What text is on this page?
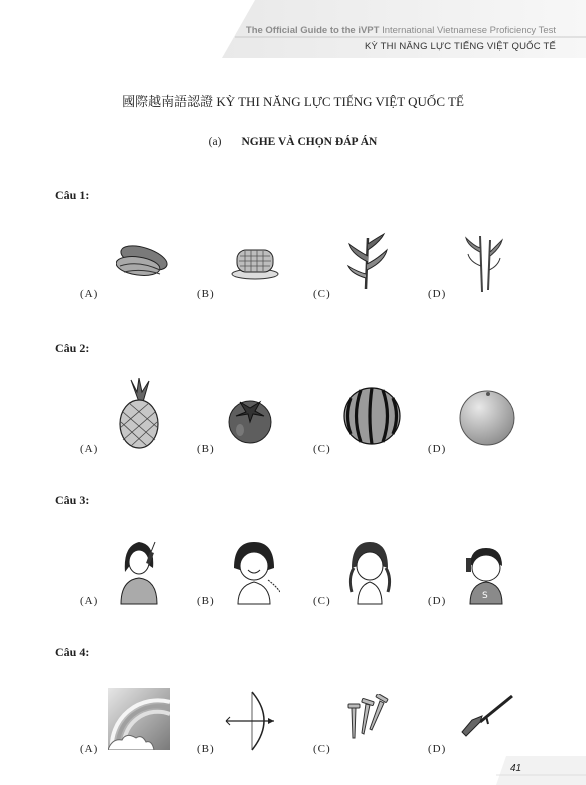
The Official Guide to the iVPT International Vietnamese Proficiency Test
KỲ THI NĂNG LỰC TIẾNG VIỆT QUỐC TẾ
國際越南語認證 KỲ THI NĂNG LỰC TIẾNG VIỆT QUỐC TẾ
(a) NGHE VÀ CHỌN ĐÁP ÁN
Câu 1:
(A)	(B)	(C)	(D)
Câu 2:
(A)	(B)	(C)	(D)
Câu 3:
S
(A)	(B)	(C)	(D)
Câu 4:
(A)	(B)	(C)	(D)
41
